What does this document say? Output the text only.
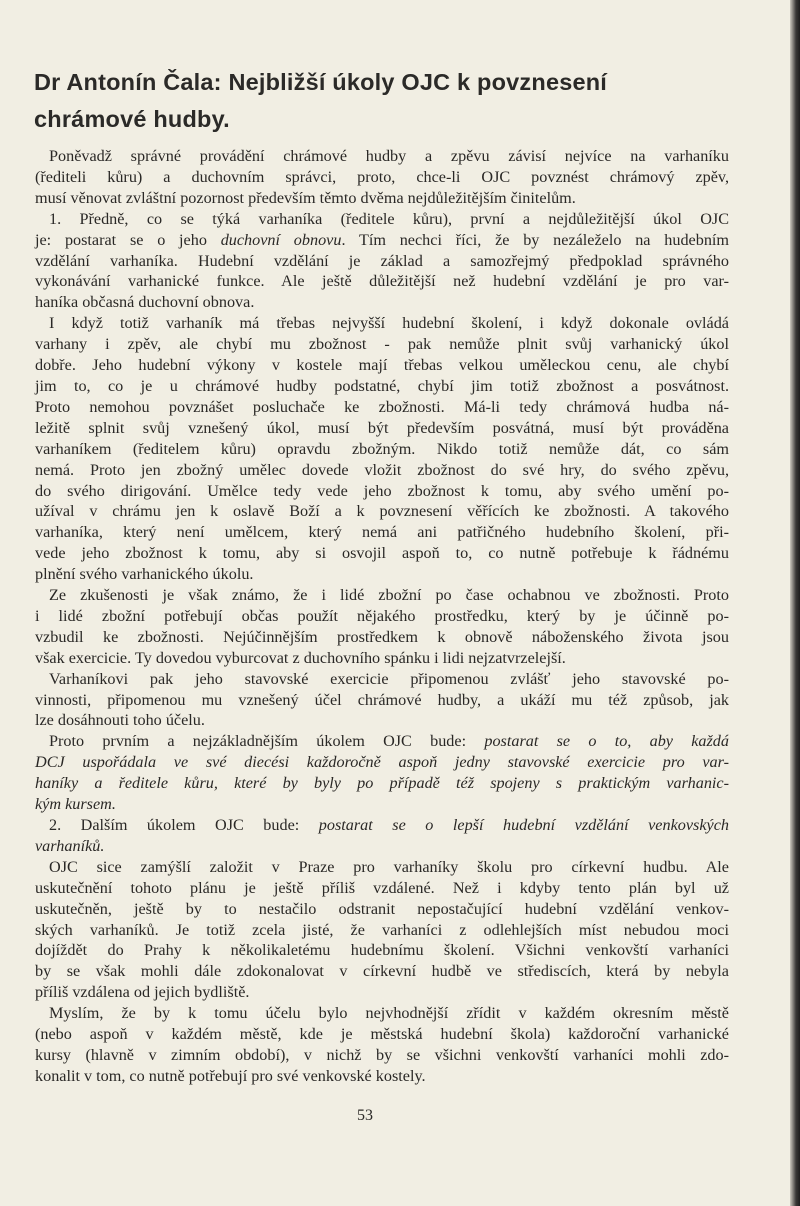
Dr Antonín Čala: Nejbližší úkoly OJC k povznesení
chrámové hudby.
Poněvadž správné provádění chrámové hudby a zpěvu závisí nejvíce na varhaníku
(řediteli kůru) a duchovním správci, proto, chce-li OJC povznést chrámový zpěv,
musí věnovat zvláštní pozornost především těmto dvěma nejdůležitějším činitelům.
1. Předně, co se týká varhaníka (ředitele kůru), první a nejdůležitější úkol OJC
je: postarat se o jeho duchovní obnovu. Tím nechci říci, že by nezáleželo na hudebním
vzdělání varhaníka. Hudební vzdělání je základ a samozřejmý předpoklad správného
vykonávání varhanické funkce. Ale ještě důležitější než hudební vzdělání je pro var-
haníka občasná duchovní obnova.
I když totiž varhaník má třebas nejvyšší hudební školení, i když dokonale ovládá
varhany i zpěv, ale chybí mu zbožnost - pak nemůže plnit svůj varhanický úkol
dobře. Jeho hudební výkony v kostele mají třebas velkou uměleckou cenu, ale chybí
jim to, co je u chrámové hudby podstatné, chybí jim totiž zbožnost a posvátnost.
Proto nemohou povznášet posluchače ke zbožnosti. Má-li tedy chrámová hudba ná-
ležitě splnit svůj vznešený úkol, musí být především posvátná, musí být prováděna
varhaníkem (ředitelem kůru) opravdu zbožným. Nikdo totiž nemůže dát, co sám
nemá. Proto jen zbožný umělec dovede vložit zbožnost do své hry, do svého zpěvu,
do svého dirigování. Umělce tedy vede jeho zbožnost k tomu, aby svého umění po-
užíval v chrámu jen k oslavě Boží a k povznesení věřících ke zbožnosti. A takového
varhaníka, který není umělcem, který nemá ani patřičného hudebního školení, při-
vede jeho zbožnost k tomu, aby si osvojil aspoň to, co nutně potřebuje k řádnému
plnění svého varhanického úkolu.
Ze zkušenosti je však známo, že i lidé zbožní po čase ochabnou ve zbožnosti. Proto
i lidé zbožní potřebují občas použít nějakého prostředku, který by je účinně po-
vzbudil ke zbožnosti. Nejúčinnějším prostředkem k obnově náboženského života jsou
však exercicie. Ty dovedou vyburcovat z duchovního spánku i lidi nejzatvrzelejší.
Varhaníkovi pak jeho stavovské exercicie připomenou zvlášť jeho stavovské po-
vinnosti, připomenou mu vznešený účel chrámové hudby, a ukáží mu též způsob, jak
lze dosáhnouti toho účelu.
Proto prvním a nejzákladnějším úkolem OJC bude: postarat se o to, aby každá
DCJ uspořádala ve své diecési každoročně aspoň jedny stavovské exercicie pro var-
haníky a ředitele kůru, které by byly po případě též spojeny s praktickým varhanic-
kým kursem.
2. Dalším úkolem OJC bude: postarat se o lepší hudební vzdělání venkovských
varhaníků.
OJC sice zamýšlí založit v Praze pro varhaníky školu pro církevní hudbu. Ale
uskutečnění tohoto plánu je ještě příliš vzdálené. Než i kdyby tento plán byl už
uskutečněn, ještě by to nestačilo odstranit nepostačující hudební vzdělání venkov-
ských varhaníků. Je totiž zcela jisté, že varhaníci z odlehlejších míst nebudou moci
dojíždět do Prahy k několikaletému hudebnímu školení. Všichni venkovští varhaníci
by se však mohli dále zdokonalovat v církevní hudbě ve střediscích, která by nebyla
příliš vzdálena od jejich bydliště.
Myslím, že by k tomu účelu bylo nejvhodnější zřídit v každém okresním městě
(nebo aspoň v každém městě, kde je městská hudební škola) každoroční varhanické
kursy (hlavně v zimním období), v nichž by se všichni venkovští varhaníci mohli zdo-
konalit v tom, co nutně potřebují pro své venkovské kostely.
53
